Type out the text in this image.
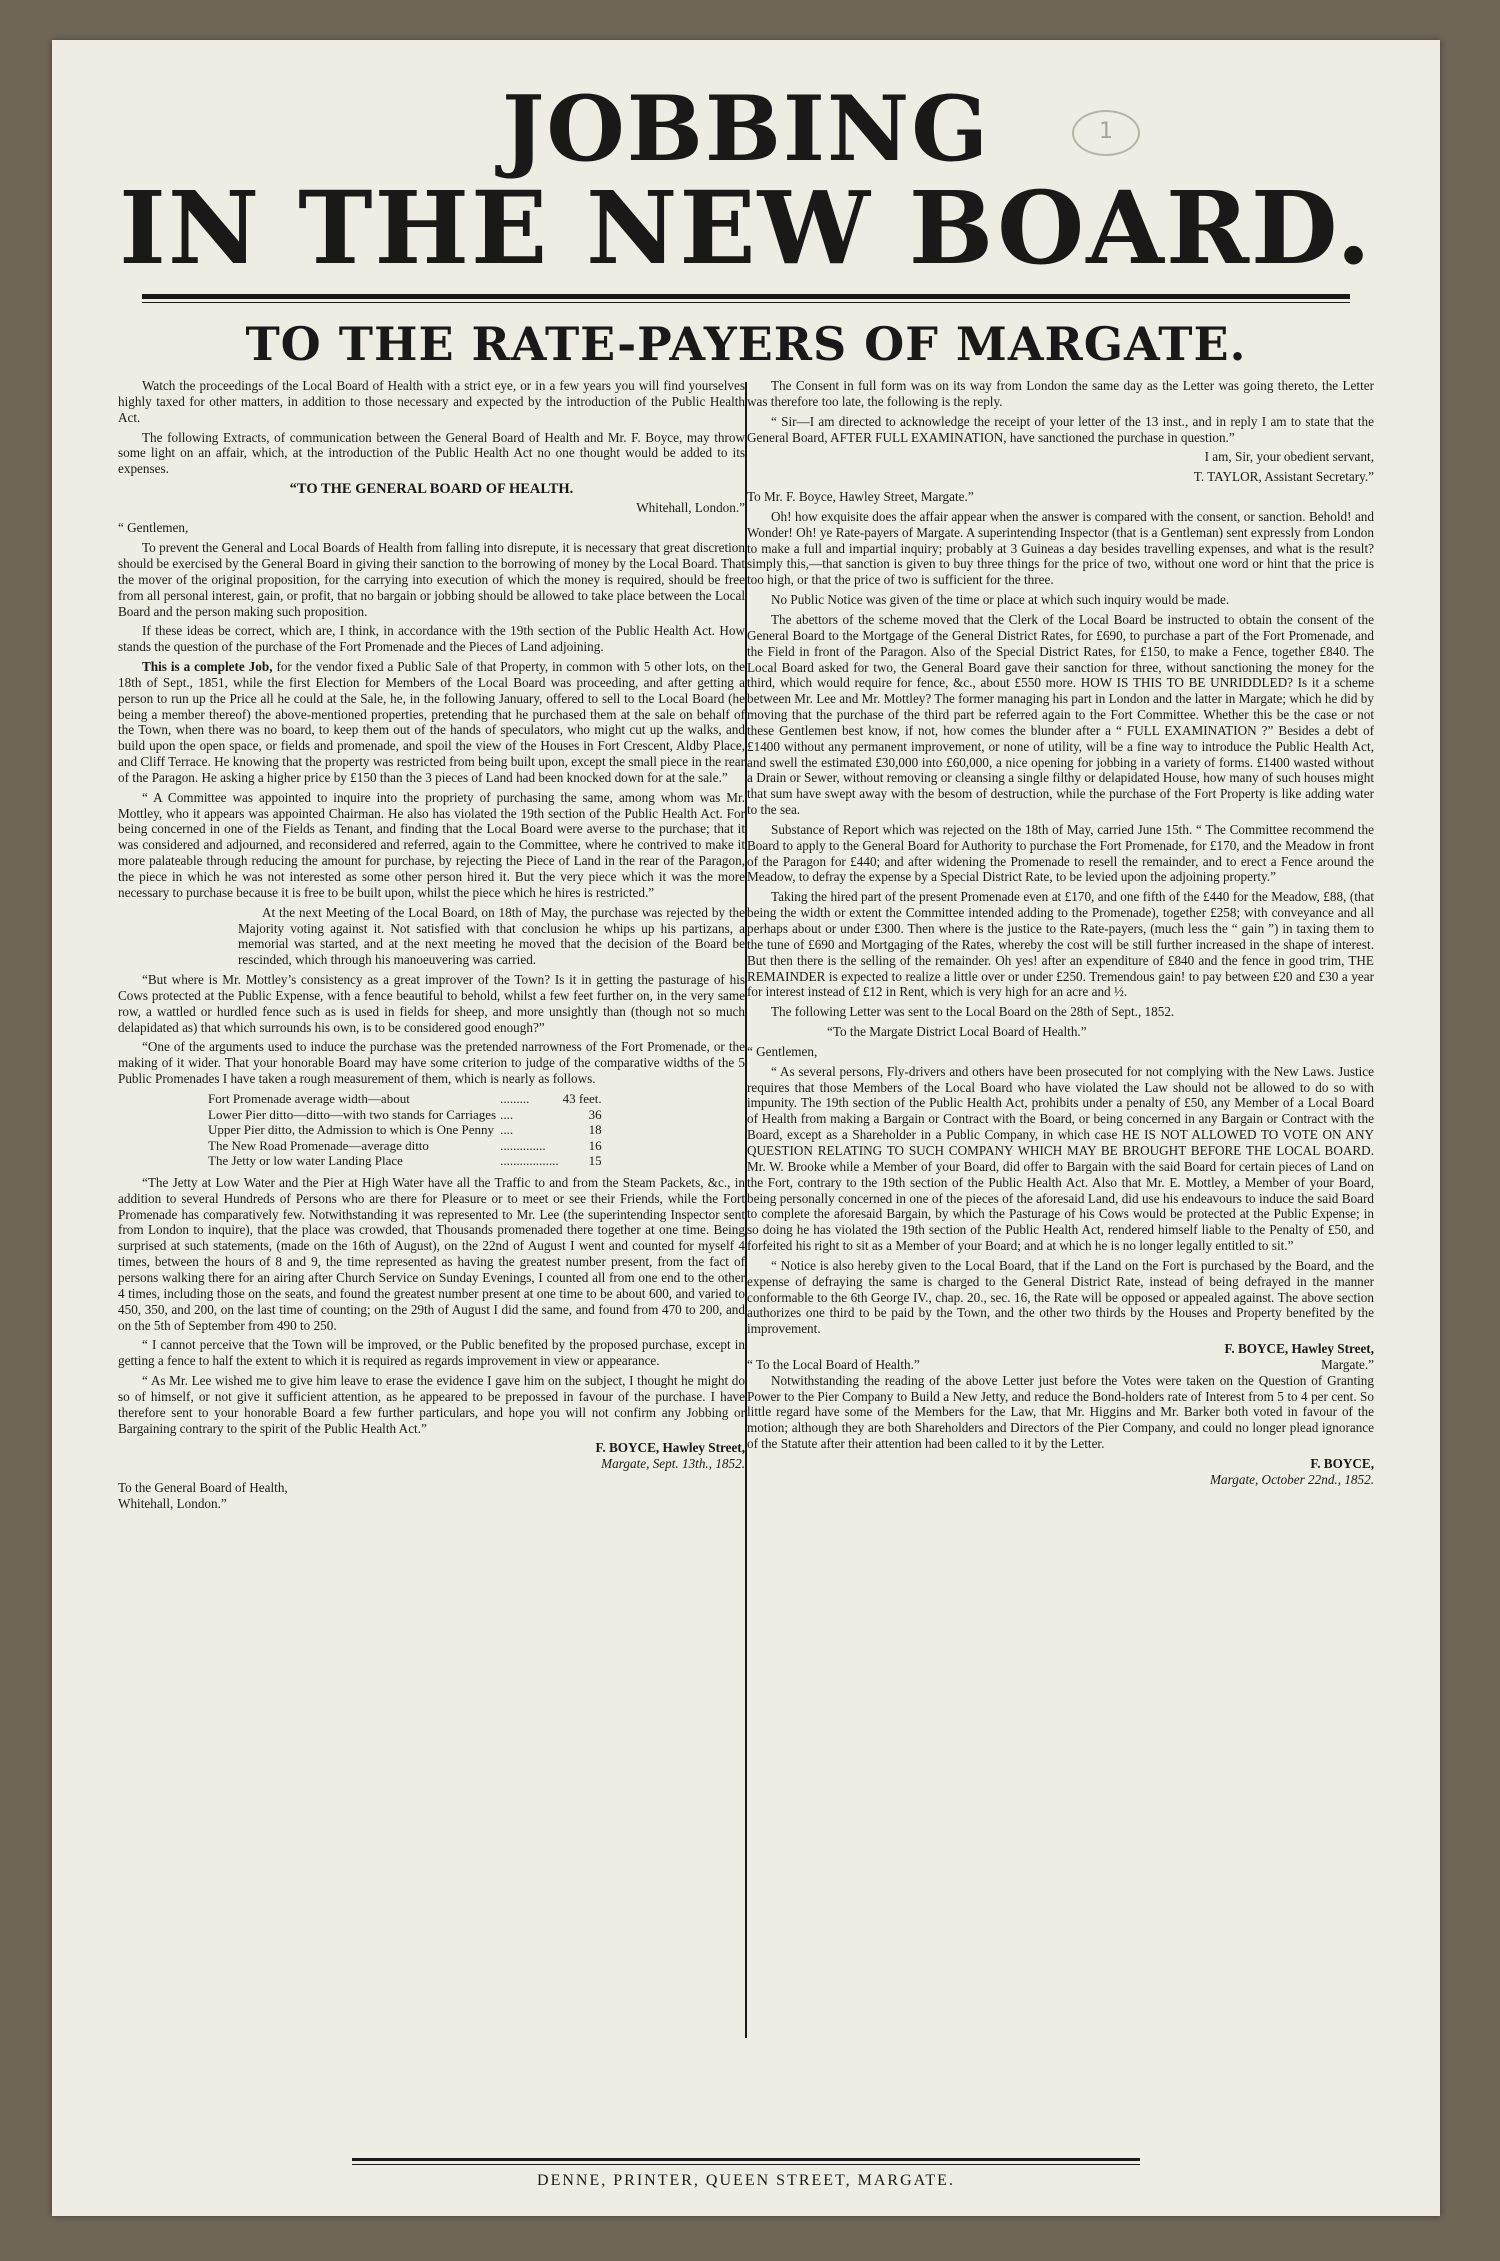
1
JOBBING
IN THE NEW BOARD.
TO THE RATE-PAYERS OF MARGATE.

Watch the proceedings of the Local Board of Health with a strict eye, or in a few years you will find yourselves highly taxed for other matters, in addition to those necessary and expected by the introduction of the Public Health Act.

The following Extracts, of communication between the General Board of Health and Mr. F. Boyce, may throw some light on an affair, which, at the introduction of the Public Health Act no one thought would be added to its expenses.

“TO THE GENERAL BOARD OF HEALTH.

Whitehall, London.”

“ Gentlemen,

To prevent the General and Local Boards of Health from falling into disrepute, it is necessary that great discretion should be exercised by the General Board in giving their sanction to the borrowing of money by the Local Board. That the mover of the original proposition, for the carrying into execution of which the money is required, should be free from all personal interest, gain, or profit, that no bargain or jobbing should be allowed to take place between the Local Board and the person making such proposition.

If these ideas be correct, which are, I think, in accordance with the 19th section of the Public Health Act. How stands the question of the purchase of the Fort Promenade and the Pieces of Land adjoining.

This is a complete Job, for the vendor fixed a Public Sale of that Property, in common with 5 other lots, on the 18th of Sept., 1851, while the first Election for Members of the Local Board was proceeding, and after getting a person to run up the Price all he could at the Sale, he, in the following January, offered to sell to the Local Board (he being a member thereof) the above-mentioned properties, pretending that he purchased them at the sale on behalf of the Town, when there was no board, to keep them out of the hands of speculators, who might cut up the walks, and build upon the open space, or fields and promenade, and spoil the view of the Houses in Fort Crescent, Aldby Place, and Cliff Terrace. He knowing that the property was restricted from being built upon, except the small piece in the rear of the Paragon. He asking a higher price by £150 than the 3 pieces of Land had been knocked down for at the sale.”

“ A Committee was appointed to inquire into the propriety of purchasing the same, among whom was Mr. Mottley, who it appears was appointed Chairman. He also has violated the 19th section of the Public Health Act. For being concerned in one of the Fields as Tenant, and finding that the Local Board were averse to the purchase; that it was considered and adjourned, and reconsidered and referred, again to the Committee, where he contrived to make it more palateable through reducing the amount for purchase, by rejecting the Piece of Land in the rear of the Paragon, the piece in which he was not interested as some other person hired it. But the very piece which it was the more necessary to purchase because it is free to be built upon, whilst the piece which he hires is restricted.”

At the next Meeting of the Local Board, on 18th of May, the purchase was rejected by the Majority voting against it. Not satisfied with that conclusion he whips up his partizans, a memorial was started, and at the next meeting he moved that the decision of the Board be rescinded, which through his manoeuvering was carried.

“But where is Mr. Mottley’s consistency as a great improver of the Town? Is it in getting the pasturage of his Cows protected at the Public Expense, with a fence beautiful to behold, whilst a few feet further on, in the very same row, a wattled or hurdled fence such as is used in fields for sheep, and more unsightly than (though not so much delapidated as) that which surrounds his own, is to be considered good enough?”

“One of the arguments used to induce the purchase was the pretended narrowness of the Fort Promenade, or the making of it wider. That your honorable Board may have some criterion to judge of the comparative widths of the 5 Public Promenades I have taken a rough measurement of them, which is nearly as follows.

Fort Promenade average width—about	.........	43 feet.
Lower Pier ditto—ditto—with two stands for Carriages	....	36
Upper Pier ditto, the Admission to which is One Penny	....	18
The New Road Promenade—average ditto	..............	16
The Jetty or low water Landing Place	..................	15

“The Jetty at Low Water and the Pier at High Water have all the Traffic to and from the Steam Packets, &c., in addition to several Hundreds of Persons who are there for Pleasure or to meet or see their Friends, while the Fort Promenade has comparatively few. Notwithstanding it was represented to Mr. Lee (the superintending Inspector sent from London to inquire), that the place was crowded, that Thousands promenaded there together at one time. Being surprised at such statements, (made on the 16th of August), on the 22nd of August I went and counted for myself 4 times, between the hours of 8 and 9, the time represented as having the greatest number present, from the fact of persons walking there for an airing after Church Service on Sunday Evenings, I counted all from one end to the other 4 times, including those on the seats, and found the greatest number present at one time to be about 600, and varied to 450, 350, and 200, on the last time of counting; on the 29th of August I did the same, and found from 470 to 200, and on the 5th of September from 490 to 250.

“ I cannot perceive that the Town will be improved, or the Public benefited by the proposed purchase, except in getting a fence to half the extent to which it is required as regards improvement in view or appearance.

“ As Mr. Lee wished me to give him leave to erase the evidence I gave him on the subject, I thought he might do so of himself, or not give it sufficient attention, as he appeared to be prepossed in favour of the purchase. I have therefore sent to your honorable Board a few further particulars, and hope you will not confirm any Jobbing or Bargaining contrary to the spirit of the Public Health Act.”

F. BOYCE, Hawley Street,

Margate, Sept. 13th., 1852.

To the General Board of Health,

Whitehall, London.”

The Consent in full form was on its way from London the same day as the Letter was going thereto, the Letter was therefore too late, the following is the reply.

“ Sir—I am directed to acknowledge the receipt of your letter of the 13 inst., and in reply I am to state that the General Board, AFTER FULL EXAMINATION, have sanctioned the purchase in question.”

I am, Sir, your obedient servant,

T. TAYLOR, Assistant Secretary.”

To Mr. F. Boyce, Hawley Street, Margate.”

Oh! how exquisite does the affair appear when the answer is compared with the consent, or sanction. Behold! and Wonder! Oh! ye Rate-payers of Margate. A superintending Inspector (that is a Gentleman) sent expressly from London to make a full and impartial inquiry; probably at 3 Guineas a day besides travelling expenses, and what is the result? simply this,—that sanction is given to buy three things for the price of two, without one word or hint that the price is too high, or that the price of two is sufficient for the three.

No Public Notice was given of the time or place at which such inquiry would be made.

The abettors of the scheme moved that the Clerk of the Local Board be instructed to obtain the consent of the General Board to the Mortgage of the General District Rates, for £690, to purchase a part of the Fort Promenade, and the Field in front of the Paragon. Also of the Special District Rates, for £150, to make a Fence, together £840. The Local Board asked for two, the General Board gave their sanction for three, without sanctioning the money for the third, which would require for fence, &c., about £550 more. HOW IS THIS TO BE UNRIDDLED? Is it a scheme between Mr. Lee and Mr. Mottley? The former managing his part in London and the latter in Margate; which he did by moving that the purchase of the third part be referred again to the Fort Committee. Whether this be the case or not these Gentlemen best know, if not, how comes the blunder after a “ FULL EXAMINATION ?” Besides a debt of £1400 without any permanent improvement, or none of utility, will be a fine way to introduce the Public Health Act, and swell the estimated £30,000 into £60,000, a nice opening for jobbing in a variety of forms. £1400 wasted without a Drain or Sewer, without removing or cleansing a single filthy or delapidated House, how many of such houses might that sum have swept away with the besom of destruction, while the purchase of the Fort Property is like adding water to the sea.

Substance of Report which was rejected on the 18th of May, carried June 15th. “ The Committee recommend the Board to apply to the General Board for Authority to purchase the Fort Promenade, for £170, and the Meadow in front of the Paragon for £440; and after widening the Promenade to resell the remainder, and to erect a Fence around the Meadow, to defray the expense by a Special District Rate, to be levied upon the adjoining property.”

Taking the hired part of the present Promenade even at £170, and one fifth of the £440 for the Meadow, £88, (that being the width or extent the Committee intended adding to the Promenade), together £258; with conveyance and all perhaps about or under £300. Then where is the justice to the Rate-payers, (much less the “ gain ”) in taxing them to the tune of £690 and Mortgaging of the Rates, whereby the cost will be still further increased in the shape of interest. But then there is the selling of the remainder. Oh yes! after an expenditure of £840 and the fence in good trim, THE REMAINDER is expected to realize a little over or under £250. Tremendous gain! to pay between £20 and £30 a year for interest instead of £12 in Rent, which is very high for an acre and ½.

The following Letter was sent to the Local Board on the 28th of Sept., 1852.

“To the Margate District Local Board of Health.”

“ Gentlemen,

“ As several persons, Fly-drivers and others have been prosecuted for not complying with the New Laws. Justice requires that those Members of the Local Board who have violated the Law should not be allowed to do so with impunity. The 19th section of the Public Health Act, prohibits under a penalty of £50, any Member of a Local Board of Health from making a Bargain or Contract with the Board, or being concerned in any Bargain or Contract with the Board, except as a Shareholder in a Public Company, in which case HE IS NOT ALLOWED TO VOTE ON ANY QUESTION RELATING TO SUCH COMPANY WHICH MAY BE BROUGHT BEFORE THE LOCAL BOARD. Mr. W. Brooke while a Member of your Board, did offer to Bargain with the said Board for certain pieces of Land on the Fort, contrary to the 19th section of the Public Health Act. Also that Mr. E. Mottley, a Member of your Board, being personally concerned in one of the pieces of the aforesaid Land, did use his endeavours to induce the said Board to complete the aforesaid Bargain, by which the Pasturage of his Cows would be protected at the Public Expense; in so doing he has violated the 19th section of the Public Health Act, rendered himself liable to the Penalty of £50, and forfeited his right to sit as a Member of your Board; and at which he is no longer legally entitled to sit.”

“ Notice is also hereby given to the Local Board, that if the Land on the Fort is purchased by the Board, and the expense of defraying the same is charged to the General District Rate, instead of being defrayed in the manner conformable to the 6th George IV., chap. 20., sec. 16, the Rate will be opposed or appealed against. The above section authorizes one third to be paid by the Town, and the other two thirds by the Houses and Property benefited by the improvement.

F. BOYCE, Hawley Street,

“ To the Local Board of Health.”	Margate.”

Notwithstanding the reading of the above Letter just before the Votes were taken on the Question of Granting Power to the Pier Company to Build a New Jetty, and reduce the Bond-holders rate of Interest from 5 to 4 per cent. So little regard have some of the Members for the Law, that Mr. Higgins and Mr. Barker both voted in favour of the motion; although they are both Shareholders and Directors of the Pier Company, and could no longer plead ignorance of the Statute after their attention had been called to it by the Letter.

F. BOYCE,

Margate, October 22nd., 1852.

DENNE, PRINTER, QUEEN STREET, MARGATE.
